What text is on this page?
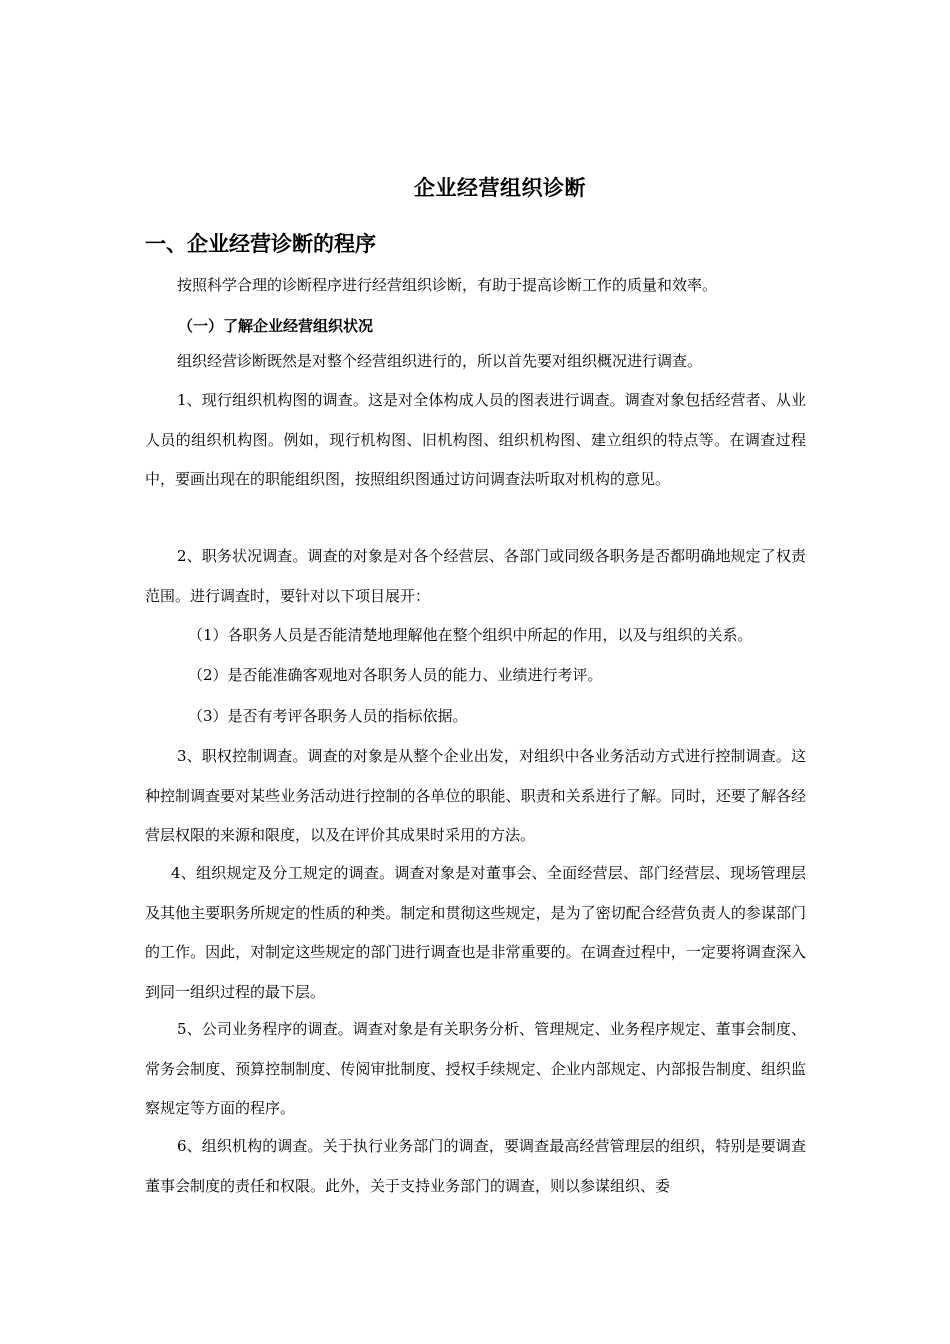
企业经营组织诊断
一、企业经营诊断的程序

按照科学合理的诊断程序进行经营组织诊断，有助于提高诊断工作的质量和效率。

（一）了解企业经营组织状况

组织经营诊断既然是对整个经营组织进行的，所以首先要对组织概况进行调查。

1、现行组织机构图的调查。这是对全体构成人员的图表进行调查。调查对象包括经营者、从业人员的组织机构图。例如，现行机构图、旧机构图、组织机构图、建立组织的特点等。在调查过程中，要画出现在的职能组织图，按照组织图通过访问调查法听取对机构的意见。

2、职务状况调查。调查的对象是对各个经营层、各部门或同级各职务是否都明确地规定了权责范围。进行调查时，要针对以下项目展开：

（1）各职务人员是否能清楚地理解他在整个组织中所起的作用，以及与组织的关系。
（2）是否能准确客观地对各职务人员的能力、业绩进行考评。
（3）是否有考评各职务人员的指标依据。

3、职权控制调查。调查的对象是从整个企业出发，对组织中各业务活动方式进行控制调查。这种控制调查要对某些业务活动进行控制的各单位的职能、职责和关系进行了解。同时，还要了解各经营层权限的来源和限度，以及在评价其成果时采用的方法。

4、组织规定及分工规定的调查。调查对象是对董事会、全面经营层、部门经营层、现场管理层及其他主要职务所规定的性质的种类。制定和贯彻这些规定，是为了密切配合经营负责人的参谋部门的工作。因此，对制定这些规定的部门进行调查也是非常重要的。在调查过程中，一定要将调查深入到同一组织过程的最下层。

5、公司业务程序的调查。调查对象是有关职务分析、管理规定、业务程序规定、董事会制度、常务会制度、预算控制制度、传阅审批制度、授权手续规定、企业内部规定、内部报告制度、组织监察规定等方面的程序。

6、组织机构的调查。关于执行业务部门的调查，要调查最高经营管理层的组织，特别是要调查董事会制度的责任和权限。此外，关于支持业务部门的调查，则以参谋组织、委
